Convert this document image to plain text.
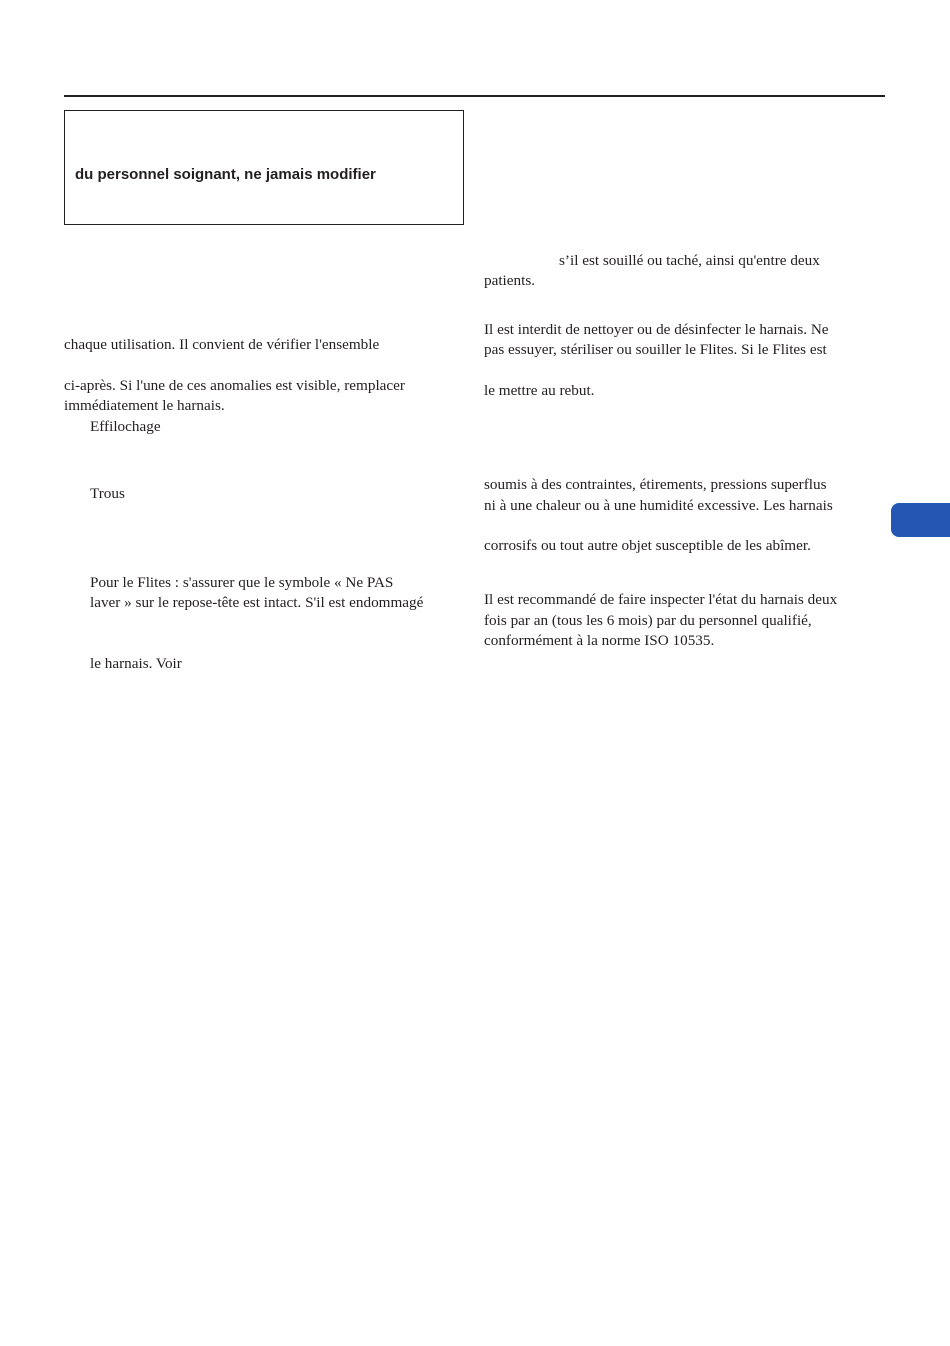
du personnel soignant, ne jamais modifier
chaque utilisation. Il convient de vérifier l'ensemble
ci-après. Si l'une de ces anomalies est visible, remplacer
immédiatement le harnais.
Effilochage
Trous
Pour le Flites : s'assurer que le symbole « Ne PAS
laver » sur le repose-tête est intact. S'il est endommagé
le harnais. Voir
s’il est souillé ou taché, ainsi qu'entre deux
patients.
Il est interdit de nettoyer ou de désinfecter le harnais. Ne
pas essuyer, stériliser ou souiller le Flites. Si le Flites est
le mettre au rebut.
soumis à des contraintes, étirements, pressions superflus
ni à une chaleur ou à une humidité excessive. Les harnais
corrosifs ou tout autre objet susceptible de les abîmer.
Il est recommandé de faire inspecter l'état du harnais deux
fois par an (tous les 6 mois) par du personnel qualifié,
conformément à la norme ISO 10535.
